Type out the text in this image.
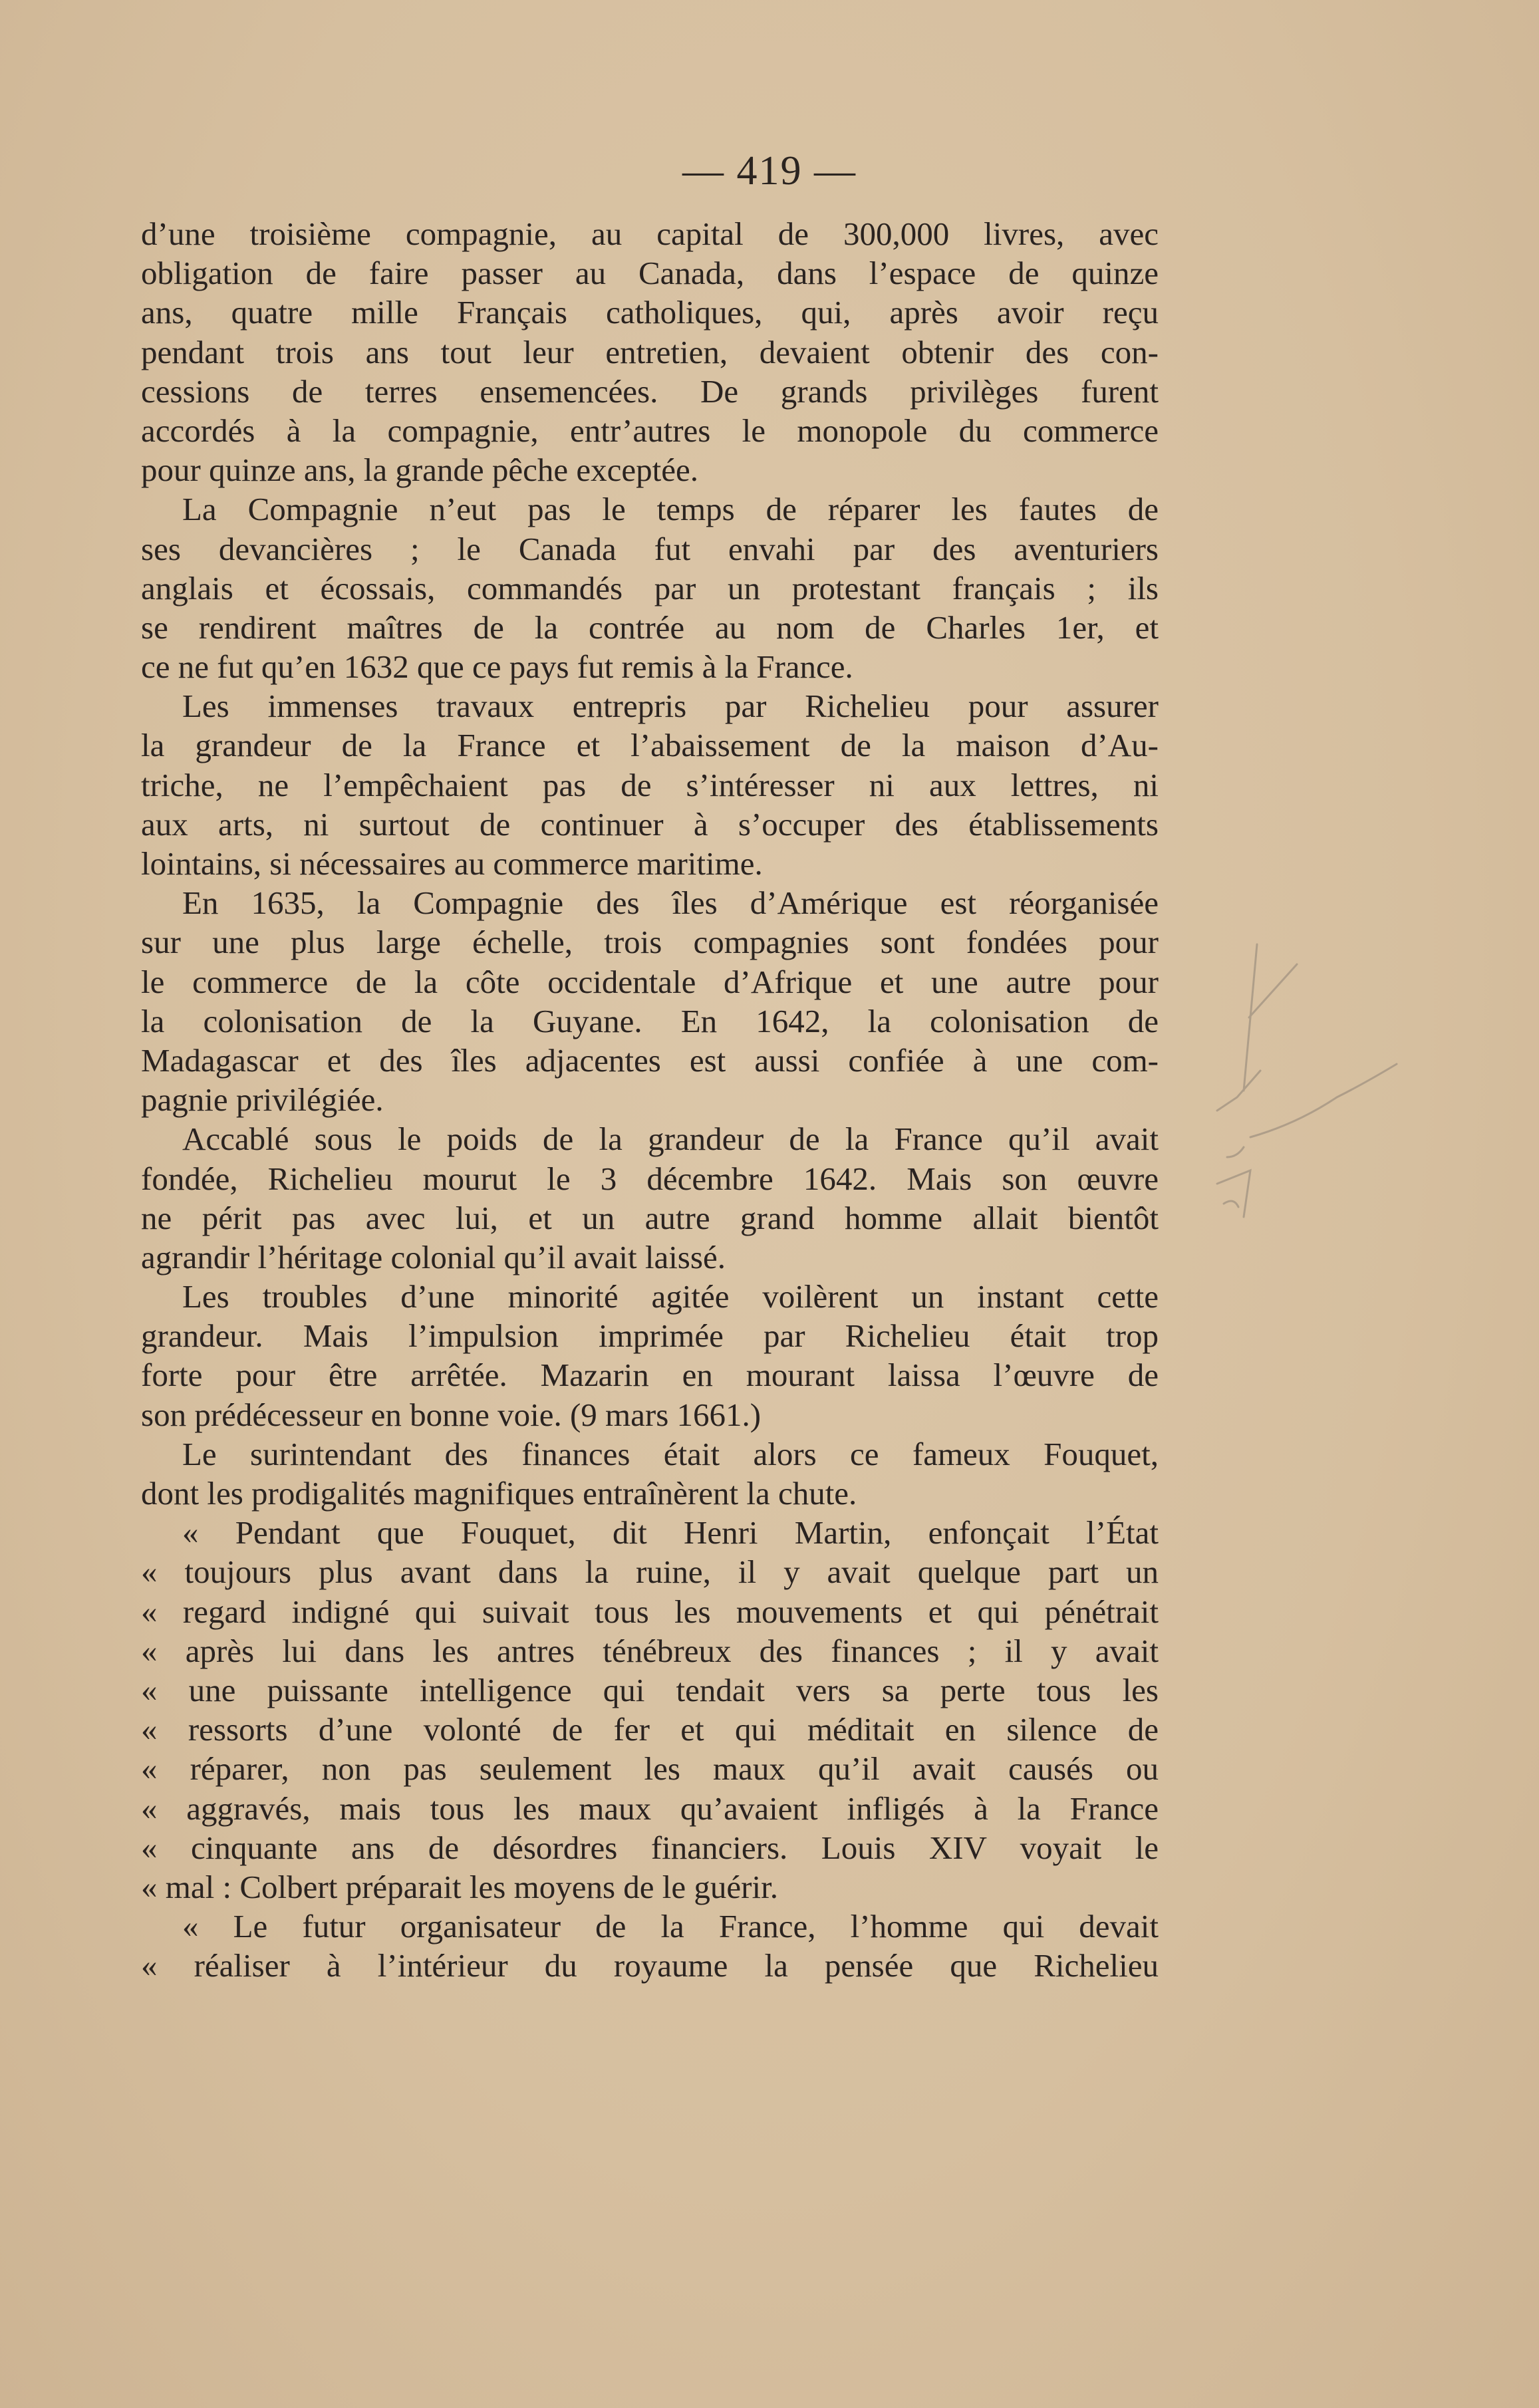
— 419 —
d’une troisième compagnie, au capital de 300,000 livres, avec
obligation de faire passer au Canada, dans l’espace de quinze
ans, quatre mille Français catholiques, qui, après avoir reçu
pendant trois ans tout leur entretien, devaient obtenir des con-
cessions de terres ensemencées. De grands privilèges furent
accordés à la compagnie, entr’autres le monopole du commerce
pour quinze ans, la grande pêche exceptée.
La Compagnie n’eut pas le temps de réparer les fautes de
ses devancières ; le Canada fut envahi par des aventuriers
anglais et écossais, commandés par un protestant français ; ils
se rendirent maîtres de la contrée au nom de Charles 1er, et
ce ne fut qu’en 1632 que ce pays fut remis à la France.
Les immenses travaux entrepris par Richelieu pour assurer
la grandeur de la France et l’abaissement de la maison d’Au-
triche, ne l’empêchaient pas de s’intéresser ni aux lettres, ni
aux arts, ni surtout de continuer à s’occuper des établissements
lointains, si nécessaires au commerce maritime.
En 1635, la Compagnie des îles d’Amérique est réorganisée
sur une plus large échelle, trois compagnies sont fondées pour
le commerce de la côte occidentale d’Afrique et une autre pour
la colonisation de la Guyane. En 1642, la colonisation de
Madagascar et des îles adjacentes est aussi confiée à une com-
pagnie privilégiée.
Accablé sous le poids de la grandeur de la France qu’il avait
fondée, Richelieu mourut le 3 décembre 1642. Mais son œuvre
ne périt pas avec lui, et un autre grand homme allait bientôt
agrandir l’héritage colonial qu’il avait laissé.
Les troubles d’une minorité agitée voilèrent un instant cette
grandeur. Mais l’impulsion imprimée par Richelieu était trop
forte pour être arrêtée. Mazarin en mourant laissa l’œuvre de
son prédécesseur en bonne voie. (9 mars 1661.)
Le surintendant des finances était alors ce fameux Fouquet,
dont les prodigalités magnifiques entraînèrent la chute.
« Pendant que Fouquet, dit Henri Martin, enfonçait l’État
« toujours plus avant dans la ruine, il y avait quelque part un
« regard indigné qui suivait tous les mouvements et qui pénétrait
« après lui dans les antres ténébreux des finances ; il y avait
« une puissante intelligence qui tendait vers sa perte tous les
« ressorts d’une volonté de fer et qui méditait en silence de
« réparer, non pas seulement les maux qu’il avait causés ou
« aggravés, mais tous les maux qu’avaient infligés à la France
« cinquante ans de désordres financiers. Louis XIV voyait le
« mal : Colbert préparait les moyens de le guérir.
« Le futur organisateur de la France, l’homme qui devait
« réaliser à l’intérieur du royaume la pensée que Richelieu
